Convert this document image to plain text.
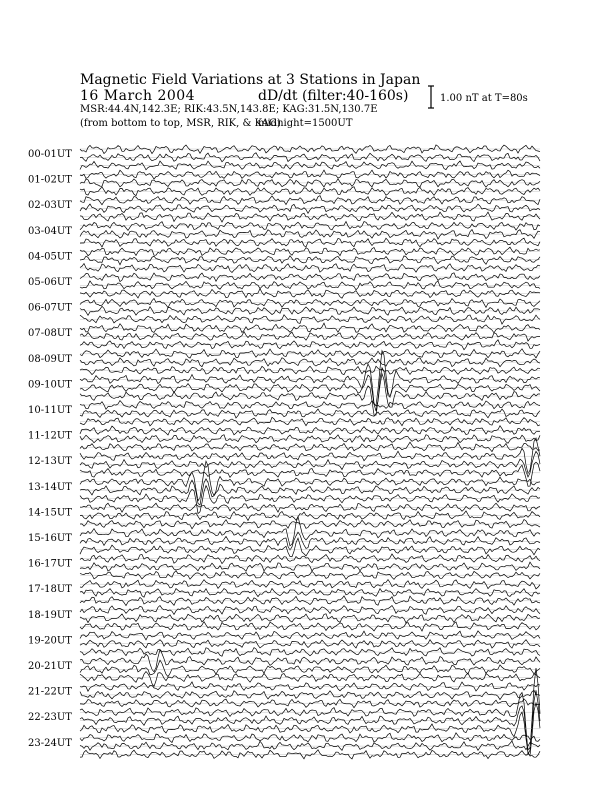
Magnetic Field Variations at 3 Stations in Japan
16 March 2004	dD/dt (filter:40-160s)
MSR:44.4N,142.3E; RIK:43.5N,143.8E; KAG:31.5N,130.7E
(from bottom to top, MSR, RIK, & KAG)
midnight=1500UT
1.00 nT at T=80s
00-01UT
01-02UT
02-03UT
03-04UT
04-05UT
05-06UT
06-07UT
07-08UT
08-09UT
09-10UT
10-11UT
11-12UT
12-13UT
13-14UT
14-15UT
15-16UT
16-17UT
17-18UT
18-19UT
19-20UT
20-21UT
21-22UT
22-23UT
23-24UT
